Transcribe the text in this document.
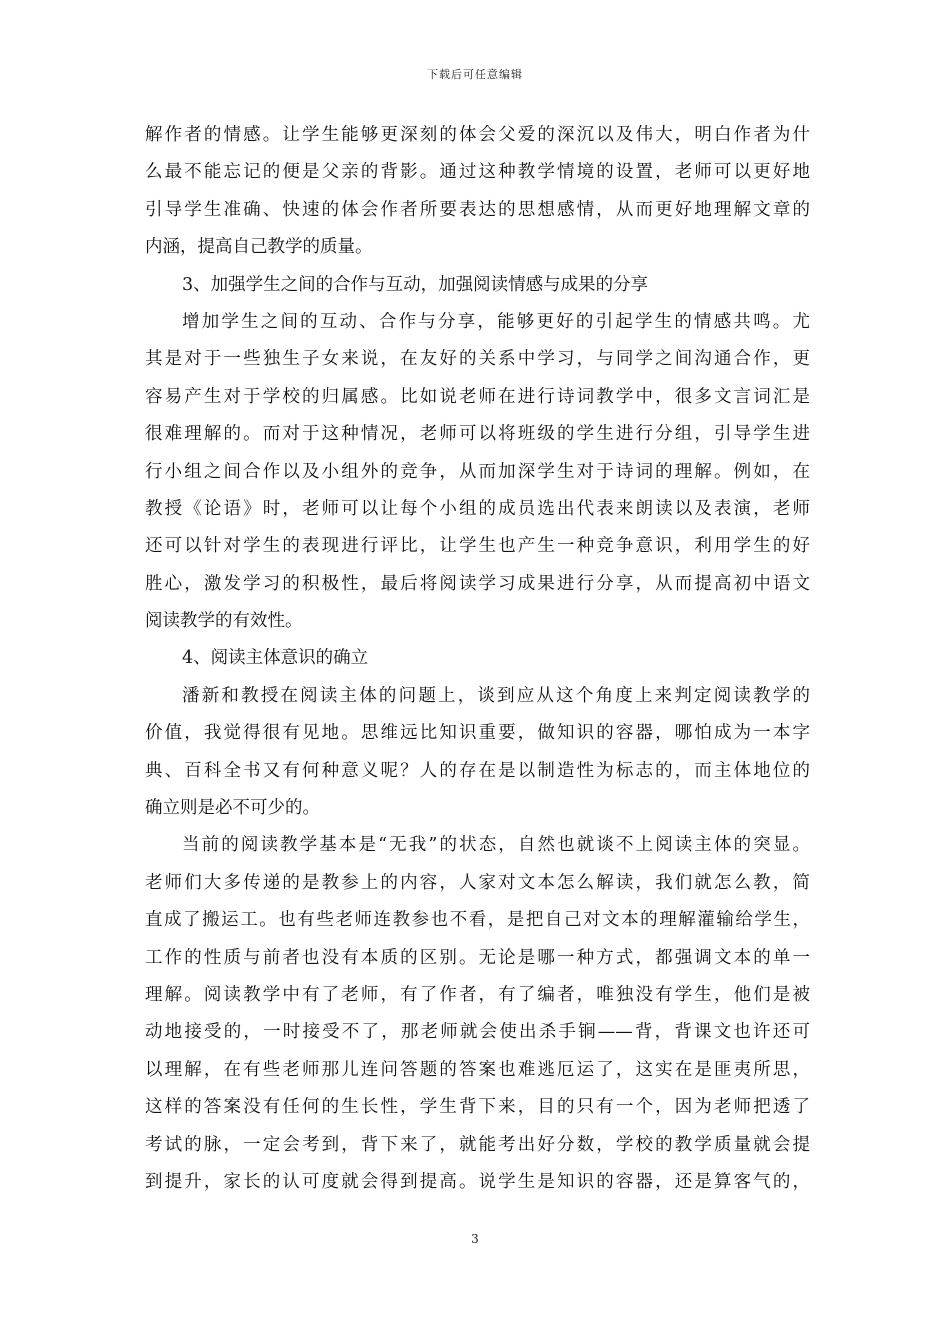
下载后可任意编辑
解作者的情感。让学生能够更深刻的体会父爱的深沉以及伟大，明白作者为什
么最不能忘记的便是父亲的背影。通过这种教学情境的设置，老师可以更好地
引导学生准确、快速的体会作者所要表达的思想感情，从而更好地理解文章的
内涵，提高自己教学的质量。
3、加强学生之间的合作与互动，加强阅读情感与成果的分享
增加学生之间的互动、合作与分享，能够更好的引起学生的情感共鸣。尤
其是对于一些独生子女来说，在友好的关系中学习，与同学之间沟通合作，更
容易产生对于学校的归属感。比如说老师在进行诗词教学中，很多文言词汇是
很难理解的。而对于这种情况，老师可以将班级的学生进行分组，引导学生进
行小组之间合作以及小组外的竞争，从而加深学生对于诗词的理解。例如，在
教授《论语》时，老师可以让每个小组的成员选出代表来朗读以及表演，老师
还可以针对学生的表现进行评比，让学生也产生一种竞争意识，利用学生的好
胜心，激发学习的积极性，最后将阅读学习成果进行分享，从而提高初中语文
阅读教学的有效性。
4、阅读主体意识的确立
潘新和教授在阅读主体的问题上，谈到应从这个角度上来判定阅读教学的
价值，我觉得很有见地。思维远比知识重要，做知识的容器，哪怕成为一本字
典、百科全书又有何种意义呢？人的存在是以制造性为标志的，而主体地位的
确立则是必不可少的。
当前的阅读教学基本是“无我”的状态，自然也就谈不上阅读主体的突显。
老师们大多传递的是教参上的内容，人家对文本怎么解读，我们就怎么教，简
直成了搬运工。也有些老师连教参也不看，是把自己对文本的理解灌输给学生，
工作的性质与前者也没有本质的区别。无论是哪一种方式，都强调文本的单一
理解。阅读教学中有了老师，有了作者，有了编者，唯独没有学生，他们是被
动地接受的，一时接受不了，那老师就会使出杀手锏——背，背课文也许还可
以理解，在有些老师那儿连问答题的答案也难逃厄运了，这实在是匪夷所思，
这样的答案没有任何的生长性，学生背下来，目的只有一个，因为老师把透了
考试的脉，一定会考到，背下来了，就能考出好分数，学校的教学质量就会提
到提升，家长的认可度就会得到提高。说学生是知识的容器，还是算客气的，
3
